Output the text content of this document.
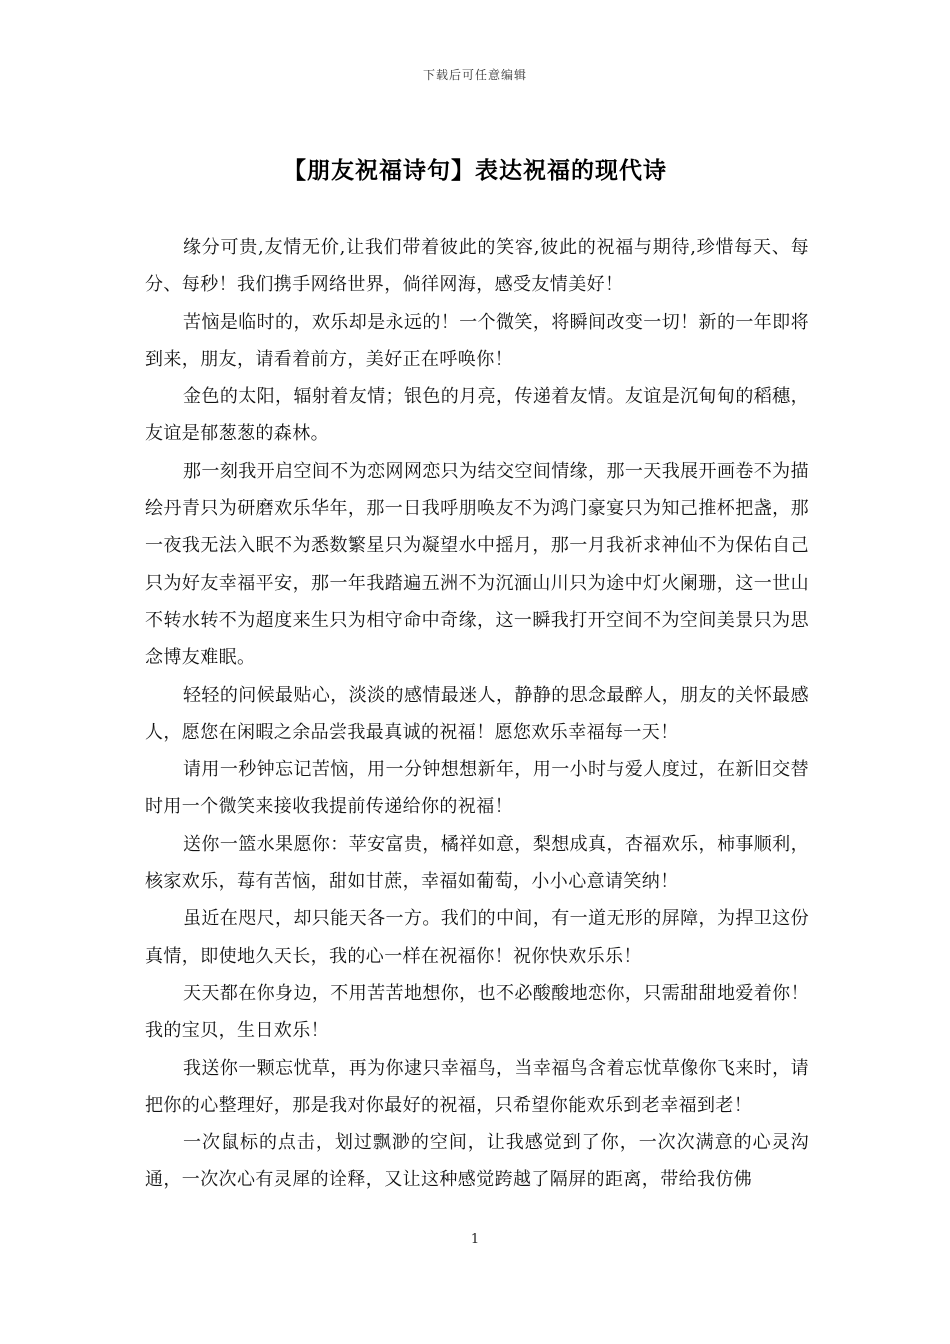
下载后可任意编辑
【朋友祝福诗句】表达祝福的现代诗

缘分可贵,友情无价,让我们带着彼此的笑容,彼此的祝福与期待,珍惜每天、每分、每秒！我们携手网络世界，倘徉网海，感受友情美好！

苦恼是临时的，欢乐却是永远的！一个微笑，将瞬间改变一切！新的一年即将到来，朋友，请看着前方，美好正在呼唤你！

金色的太阳，辐射着友情；银色的月亮，传递着友情。友谊是沉甸甸的稻穗，友谊是郁葱葱的森林。

那一刻我开启空间不为恋网网恋只为结交空间情缘，那一天我展开画卷不为描绘丹青只为研磨欢乐华年，那一日我呼朋唤友不为鸿门豪宴只为知己推杯把盏，那一夜我无法入眠不为悉数繁星只为凝望水中摇月，那一月我祈求神仙不为保佑自己只为好友幸福平安，那一年我踏遍五洲不为沉湎山川只为途中灯火阑珊，这一世山不转水转不为超度来生只为相守命中奇缘，这一瞬我打开空间不为空间美景只为思念博友难眠。

轻轻的问候最贴心，淡淡的感情最迷人，静静的思念最醉人，朋友的关怀最感人，愿您在闲暇之余品尝我最真诚的祝福！愿您欢乐幸福每一天！

请用一秒钟忘记苦恼，用一分钟想想新年，用一小时与爱人度过，在新旧交替时用一个微笑来接收我提前传递给你的祝福！

送你一篮水果愿你：苹安富贵，橘祥如意，梨想成真，杏福欢乐，柿事顺利，核家欢乐，莓有苦恼，甜如甘蔗，幸福如葡萄，小小心意请笑纳！

虽近在咫尺，却只能天各一方。我们的中间，有一道无形的屏障，为捍卫这份真情，即使地久天长，我的心一样在祝福你！祝你快欢乐乐！

天天都在你身边，不用苦苦地想你，也不必酸酸地恋你，只需甜甜地爱着你！我的宝贝，生日欢乐！

我送你一颗忘忧草，再为你逮只幸福鸟，当幸福鸟含着忘忧草像你飞来时，请把你的心整理好，那是我对你最好的祝福，只希望你能欢乐到老幸福到老！

一次鼠标的点击，划过飘渺的空间，让我感觉到了你，一次次满意的心灵沟通，一次次心有灵犀的诠释，又让这种感觉跨越了隔屏的距离，带给我仿佛

1
